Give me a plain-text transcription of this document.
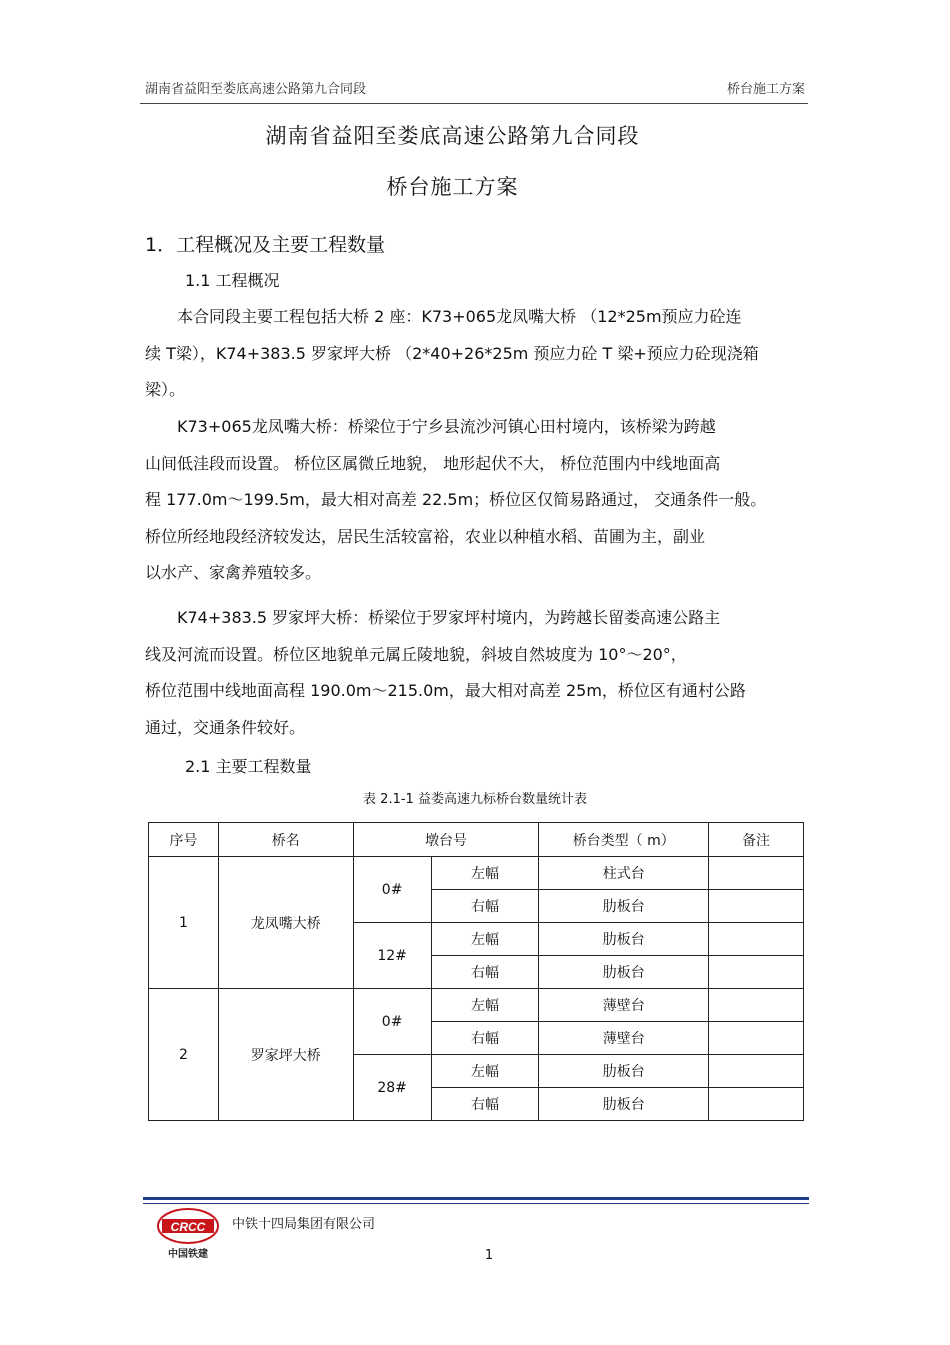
湖南省益阳至娄底高速公路第九合同段	桥台施工方案
湖南省益阳至娄底高速公路第九合同段
桥台施工方案
1．工程概况及主要工程数量
1.1 工程概况

　　本合同段主要工程包括大桥 2 座：K73+065龙凤嘴大桥 （12*25m预应力砼连
续 T梁），K74+383.5 罗家坪大桥 （2*40+26*25m 预应力砼 T 梁+预应力砼现浇箱
梁）。

　　K73+065龙凤嘴大桥：桥梁位于宁乡县流沙河镇心田村境内，该桥梁为跨越
山间低洼段而设置。 桥位区属微丘地貌， 地形起伏不大， 桥位范围内中线地面高
程 177.0m～199.5m，最大相对高差 22.5m；桥位区仅简易路通过， 交通条件一般。
桥位所经地段经济较发达，居民生活较富裕，农业以种植水稻、苗圃为主，副业
以水产、家禽养殖较多。

　　K74+383.5 罗家坪大桥：桥梁位于罗家坪村境内，为跨越长留娄高速公路主
线及河流而设置。桥位区地貌单元属丘陵地貌，斜坡自然坡度为 10°～20°，
桥位范围中线地面高程 190.0m～215.0m，最大相对高差 25m，桥位区有通村公路
通过，交通条件较好。

2.1 主要工程数量
表 2.1-1 益娄高速九标桥台数量统计表
序号	桥名	墩台号		桥台类型（ m）	备注
1	龙凤嘴大桥	0#	左幅	柱式台	
			右幅	肋板台	
		12#	左幅	肋板台	
			右幅	肋板台	
2	罗家坪大桥	0#	左幅	薄壁台	
			右幅	薄壁台	
		28#	左幅	肋板台	
			右幅	肋板台	
CRCC
中国铁建
中铁十四局集团有限公司
1
